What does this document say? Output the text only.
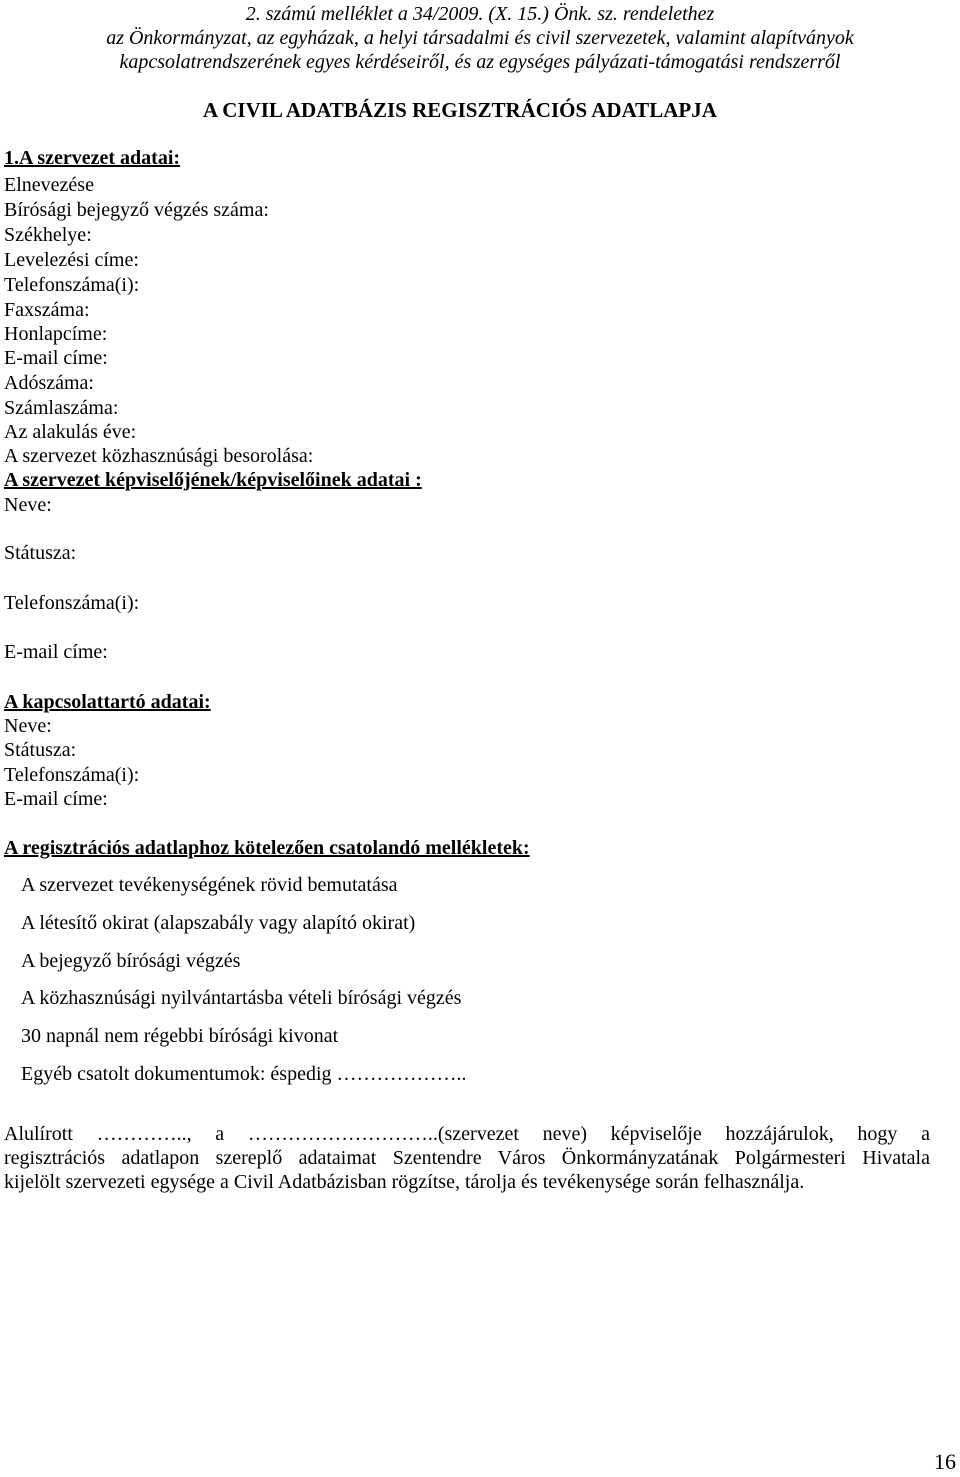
2. számú melléklet a 34/2009. (X. 15.) Önk. sz. rendelethez
az Önkormányzat, az egyházak, a helyi társadalmi és civil szervezetek, valamint alapítványok
kapcsolatrendszerének egyes kérdéseiről, és az egységes pályázati-támogatási rendszerről
A CIVIL ADATBÁZIS REGISZTRÁCIÓS ADATLAPJA
1.A szervezet adatai:
Elnevezése
Bírósági bejegyző végzés száma:
Székhelye:
Levelezési címe:
Telefonszáma(i):
Faxszáma:
Honlapcíme:
E-mail címe:
Adószáma:
Számlaszáma:
Az alakulás éve:
A szervezet közhasznúsági besorolása:
A szervezet képviselőjének/képviselőinek adatai :
Neve:
Státusza:
Telefonszáma(i):
E-mail címe:
A kapcsolattartó adatai:
Neve:
Státusza:
Telefonszáma(i):
E-mail címe:
A regisztrációs adatlaphoz kötelezően csatolandó mellékletek:
A szervezet tevékenységének rövid bemutatása
A létesítő okirat (alapszabály vagy alapító okirat)
A bejegyző bírósági végzés
A közhasznúsági nyilvántartásba vételi bírósági végzés
30 napnál nem régebbi bírósági kivonat
Egyéb csatolt dokumentumok: éspedig ………………..
Alulírott ………….., a ………………………..(szervezet neve) képviselője hozzájárulok, hogy a
regisztrációs adatlapon szereplő adataimat Szentendre Város Önkormányzatának Polgármesteri Hivatala
kijelölt szervezeti egysége a Civil Adatbázisban rögzítse, tárolja és tevékenysége során felhasználja.
16
